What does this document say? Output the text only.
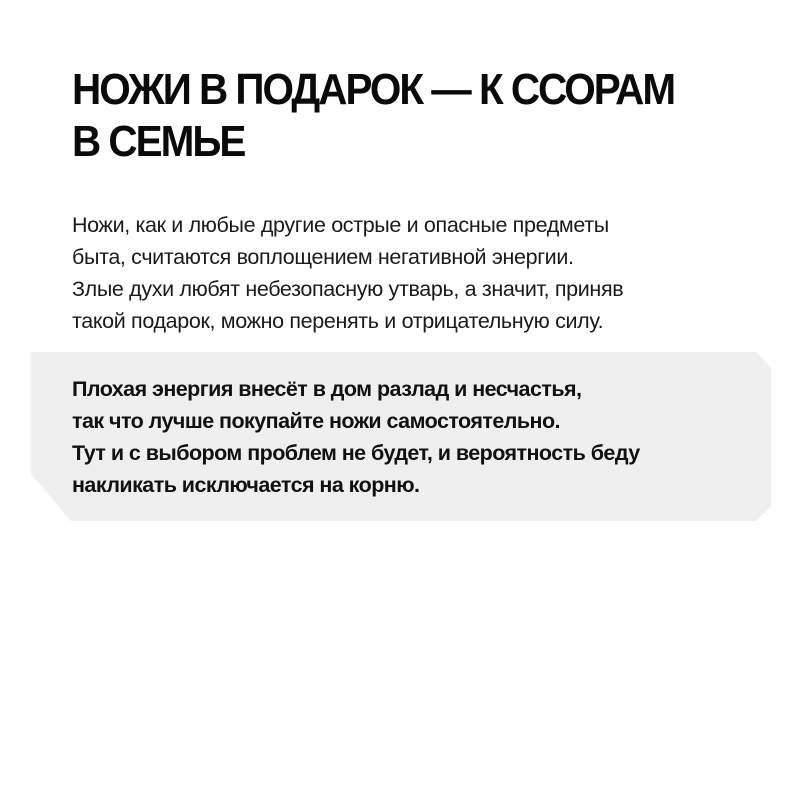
НОЖИ В ПОДАРОК — К ССОРАМ
В СЕМЬЕ

Ножи, как и любые другие острые и опасные предметы
быта, считаются воплощением негативной энергии.
Злые духи любят небезопасную утварь, а значит, приняв
такой подарок, можно перенять и отрицательную силу.

Плохая энергия внесёт в дом разлад и несчастья,
так что лучше покупайте ножи самостоятельно.
Тут и с выбором проблем не будет, и вероятность беду
накликать исключается на корню.
